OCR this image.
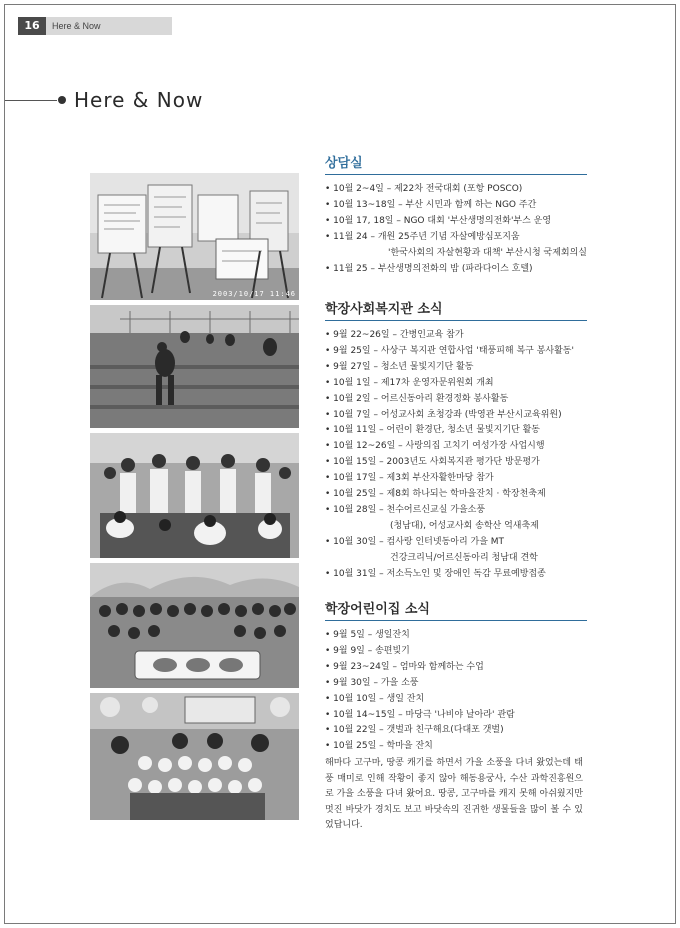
16	Here & Now
Here & Now
2003/10/17 11:46
상담실
• 10월 2~4일 – 제22차 전국대회 (포항 POSCO)
• 10월 13~18일 – 부산 시민과 함께 하는 NGO 주간
• 10월 17, 18일 – NGO 대회 '부산생명의전화'부스 운영
• 11월 24 – 개원 25주년 기념 자살예방심포지움
'한국사회의 자살현황과 대책' 부산시청 국제회의실
• 11월 25 – 부산생명의전화의 밤 (파라다이스 호텔)
학장사회복지관 소식
• 9월 22~26일 – 간병인교육 참가
• 9월 25일 – 사상구 복지관 연합사업 '태풍피해 복구 봉사활동'
• 9월 27일 – 청소년 물빛지기단 활동
• 10월 1일 – 제17차 운영자문위원회 개최
• 10월 2일 – 어르신동아리 환경정화 봉사활동
• 10월 7일 – 어성교사회 초청강좌 (박영관 부산시교육위원)
• 10월 11일 – 어린이 환경단, 청소년 물빛지기단 활동
• 10월 12~26일 – 사랑의집 고치기 여성가장 사업시행
• 10월 15일 – 2003년도 사회복지관 평가단 방문평가
• 10월 17일 – 제3회 부산자활한마당 참가
• 10월 25일 – 제8회 하나되는 학마을잔치 · 학장천축제
• 10월 28일 – 천수어르신교실 가을소풍
(청남대), 어성교사회 송학산 억새축제
• 10월 30일 – 컴사랑 인터넷동아리 가을 MT
건강크리닉/어르신동아리 청남대 견학
• 10월 31일 – 저소득노인 및 장애인 독감 무료예방접종
학장어린이집 소식
• 9월 5일 – 생일잔치
• 9월 9일 – 송편빚기
• 9월 23~24일 – 엄마와 함께하는 수업
• 9월 30일 – 가을 소풍
• 10월 10일 – 생일 잔치
• 10월 14~15일 – 마당극 '나비야 날아라' 관람
• 10월 22일 – 갯벌과 친구해요(다대포 갯벌)
• 10월 25일 – 학마을 잔치
해마다 고구마, 땅콩 캐기를 하면서 가을 소풍을 다녀 왔었는데 태풍 매미로 인해 작황이 좋지 않아 해동용궁사, 수산 과학진흥원으로 가을 소풍을 다녀 왔어요. 땅콩, 고구마를 캐지 못해 아쉬웠지만 멋진 바닷가 경치도 보고 바닷속의 진귀한 생물들을 많이 볼 수 있었답니다.
